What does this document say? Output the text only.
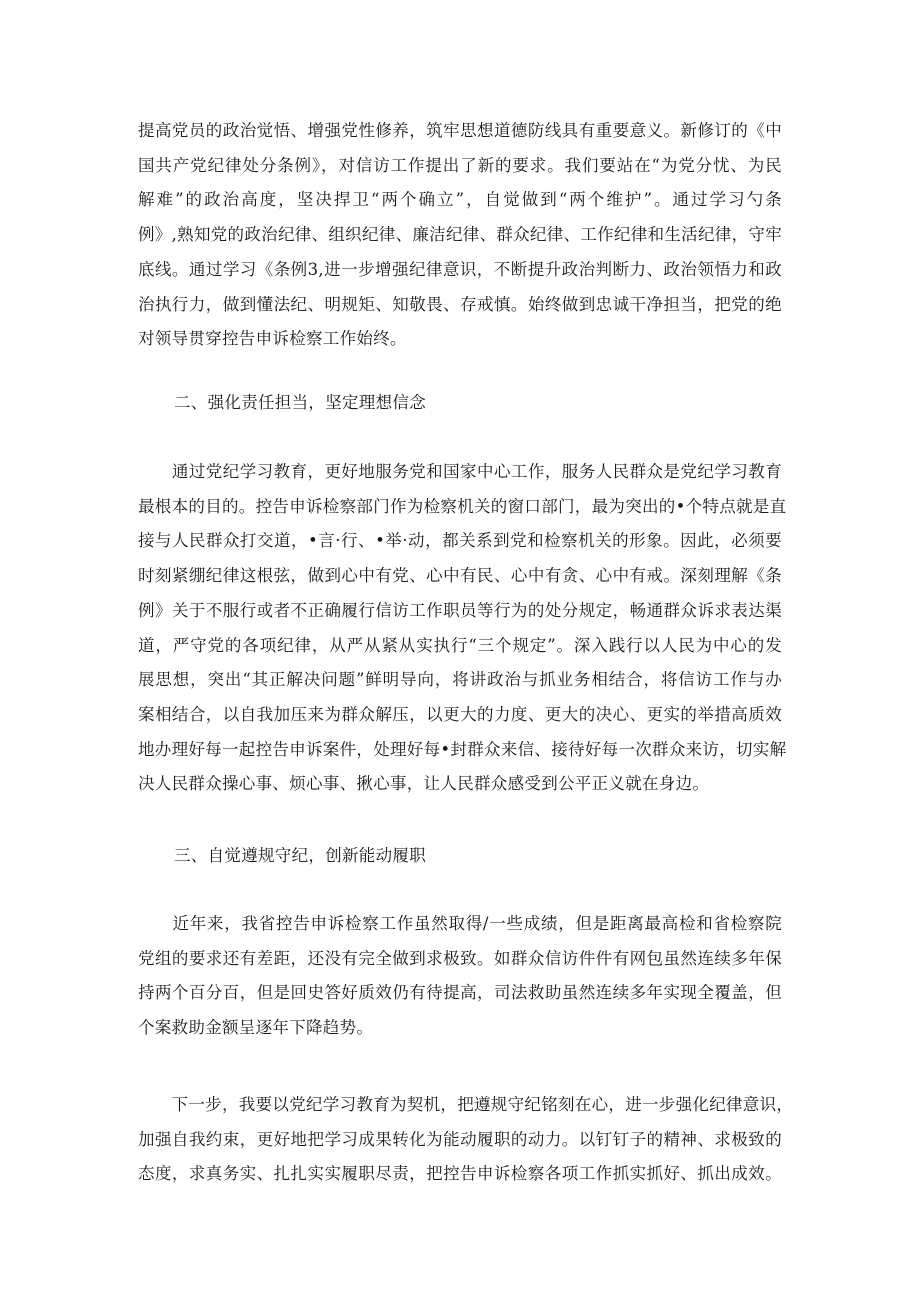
提高党员的政治觉悟、增强党性修养，筑牢思想道德防线具有重要意义。新修订的《中
国共产党纪律处分条例》，对信访工作提出了新的要求。我们要站在“为党分忧、为民
解难”的政治高度，坚决捍卫“两个确立”，自觉做到“两个维护”。通过学习勺条
例》,熟知党的政治纪律、组织纪律、廉洁纪律、群众纪律、工作纪律和生活纪律，守牢
底线。通过学习《条例3,进一步增强纪律意识，不断提升政治判断力、政治领悟力和政
治执行力，做到懂法纪、明规矩、知敬畏、存戒慎。始终做到忠诚干净担当，把党的绝
对领导贯穿控告申诉检察工作始终。
二、强化责任担当，坚定理想信念
　　通过党纪学习教育，更好地服务党和国家中心工作，服务人民群众是党纪学习教育
最根本的目的。控告申诉检察部门作为检察机关的窗口部门，最为突出的•个特点就是直
接与人民群众打交道，•言·行、•举·动，都关系到党和检察机关的形象。因此，必须要
时刻紧绷纪律这根弦，做到心中有党、心中有民、心中有贪、心中有戒。深刻理解《条
例》关于不服行或者不正确履行信访工作职员等行为的处分规定，畅通群众诉求表达渠
道，严守党的各项纪律，从严从紧从实执行“三个规定”。深入践行以人民为中心的发
展思想，突出“其正解决问题”鲜明导向，将讲政治与抓业务相结合，将信访工作与办
案相结合，以自我加压来为群众解压，以更大的力度、更大的决心、更实的举措高质效
地办理好每一起控告申诉案件，处理好每•封群众来信、接待好每一次群众来访，切实解
决人民群众操心事、烦心事、揪心事，让人民群众感受到公平正义就在身边。
三、自觉遵规守纪，创新能动履职
　　近年来，我省控告申诉检察工作虽然取得/一些成绩，但是距离最高检和省检察院
党组的要求还有差距，还没有完全做到求极致。如群众信访件件有网包虽然连续多年保
持两个百分百，但是回史答好质效仍有待提高，司法救助虽然连续多年实现全覆盖，但
个案救助金额呈逐年下降趋势。
　　下一步，我要以党纪学习教育为契机，把遵规守纪铭刻在心，进一步强化纪律意识，
加强自我约束，更好地把学习成果转化为能动履职的动力。以钉钉子的精神、求极致的
态度，求真务实、扎扎实实履职尽责，把控告申诉检察各项工作抓实抓好、抓出成效。
